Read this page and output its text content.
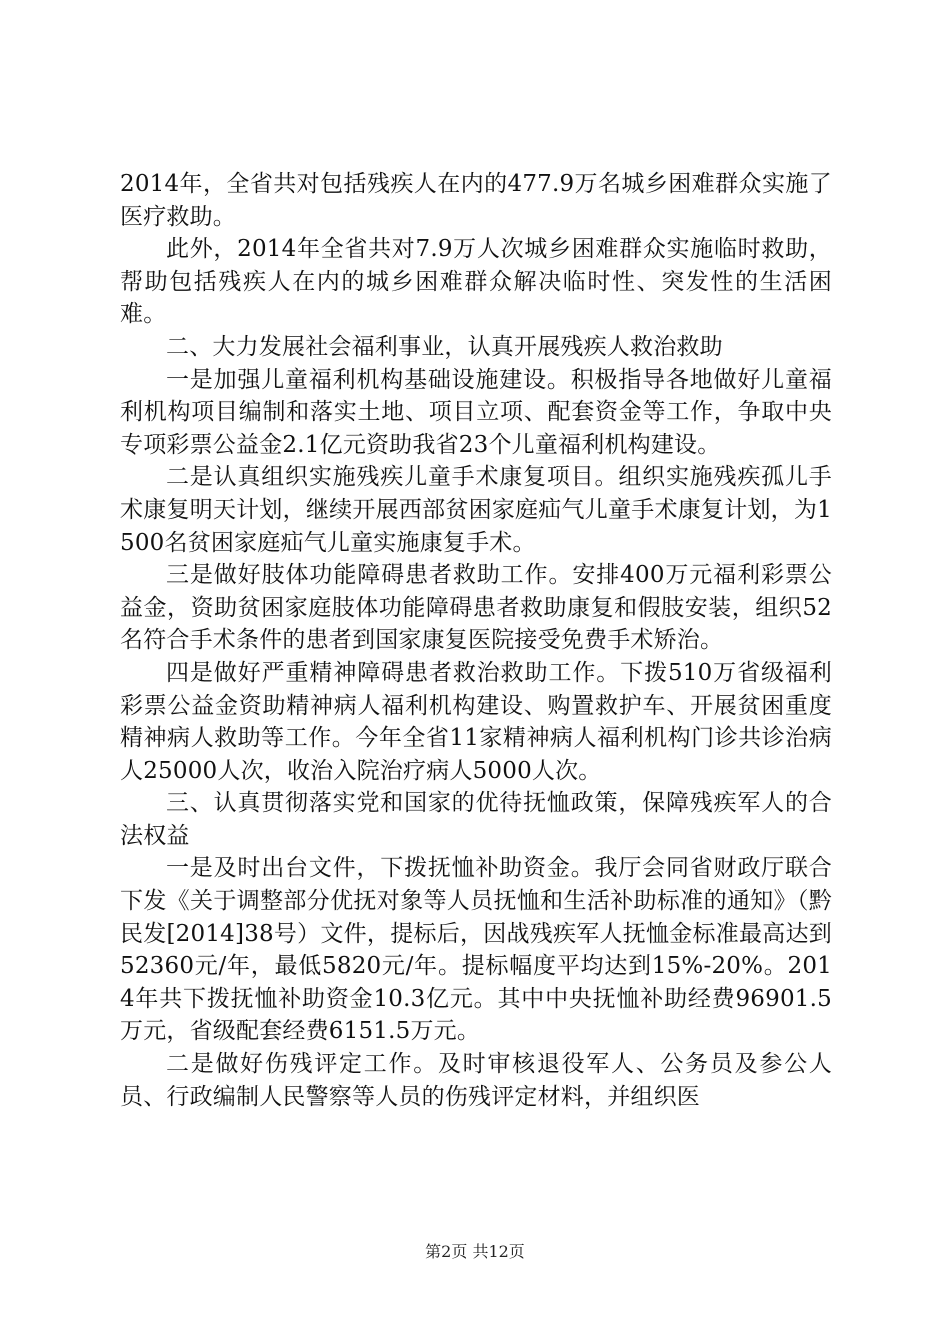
2014年，全省共对包括残疾人在内的477.9万名城乡困难群众实施了医疗救助。

此外，2014年全省共对7.9万人次城乡困难群众实施临时救助，帮助包括残疾人在内的城乡困难群众解决临时性、突发性的生活困难。

二、大力发展社会福利事业，认真开展残疾人救治救助

一是加强儿童福利机构基础设施建设。积极指导各地做好儿童福利机构项目编制和落实土地、项目立项、配套资金等工作，争取中央专项彩票公益金2.1亿元资助我省23个儿童福利机构建设。

二是认真组织实施残疾儿童手术康复项目。组织实施残疾孤儿手术康复明天计划，继续开展西部贫困家庭疝气儿童手术康复计划，为1500名贫困家庭疝气儿童实施康复手术。

三是做好肢体功能障碍患者救助工作。安排400万元福利彩票公益金，资助贫困家庭肢体功能障碍患者救助康复和假肢安装，组织52名符合手术条件的患者到国家康复医院接受免费手术矫治。

四是做好严重精神障碍患者救治救助工作。下拨510万省级福利彩票公益金资助精神病人福利机构建设、购置救护车、开展贫困重度精神病人救助等工作。今年全省11家精神病人福利机构门诊共诊治病人25000人次，收治入院治疗病人5000人次。

三、认真贯彻落实党和国家的优待抚恤政策，保障残疾军人的合法权益

一是及时出台文件，下拨抚恤补助资金。我厅会同省财政厅联合下发《关于调整部分优抚对象等人员抚恤和生活补助标准的通知》（黔民发[2014]38号）文件，提标后，因战残疾军人抚恤金标准最高达到52360元/年，最低5820元/年。提标幅度平均达到15%-20%。2014年共下拨抚恤补助资金10.3亿元。其中中央抚恤补助经费96901.5万元，省级配套经费6151.5万元。

二是做好伤残评定工作。及时审核退役军人、公务员及参公人员、行政编制人民警察等人员的伤残评定材料，并组织医

第2页 共12页
